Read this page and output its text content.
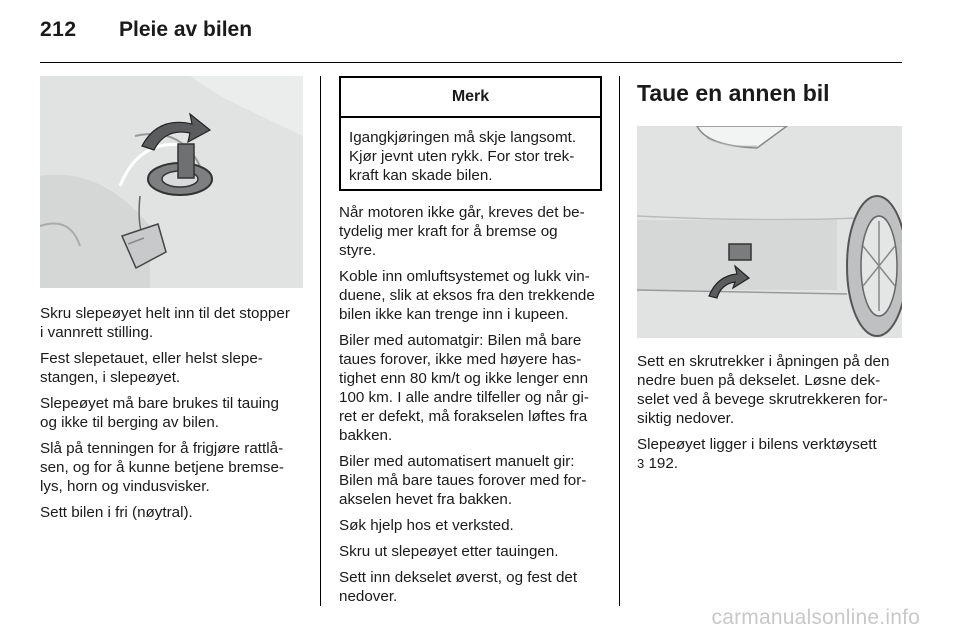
212 Pleie av bilen

Skru slepeøyet helt inn til det stopper
i vannrett stilling.

Fest slepetauet, eller helst slepe-
stangen, i slepeøyet.

Slepeøyet må bare brukes til tauing
og ikke til berging av bilen.

Slå på tenningen for å frigjøre rattlå-
sen, og for å kunne betjene bremse-
lys, horn og vindusvisker.

Sett bilen i fri (nøytral).

Merk
Igangkjøringen må skje langsomt.
Kjør jevnt uten rykk. For stor trek-
kraft kan skade bilen.

Når motoren ikke går, kreves det be-
tydelig mer kraft for å bremse og
styre.

Koble inn omluftsystemet og lukk vin-
duene, slik at eksos fra den trekkende
bilen ikke kan trenge inn i kupeen.

Biler med automatgir: Bilen må bare
taues forover, ikke med høyere has-
tighet enn 80 km/t og ikke lenger enn
100 km. I alle andre tilfeller og når gi-
ret er defekt, må forakselen løftes fra
bakken.

Biler med automatisert manuelt gir:
Bilen må bare taues forover med for-
akselen hevet fra bakken.

Søk hjelp hos et verksted.

Skru ut slepeøyet etter tauingen.

Sett inn dekselet øverst, og fest det
nedover.

Taue en annen bil

Sett en skrutrekker i åpningen på den
nedre buen på dekselet. Løsne dek-
selet ved å bevege skrutrekkeren for-
siktig nedover.

Slepeøyet ligger i bilens verktøysett
3 192.

carmanualsonline.info
